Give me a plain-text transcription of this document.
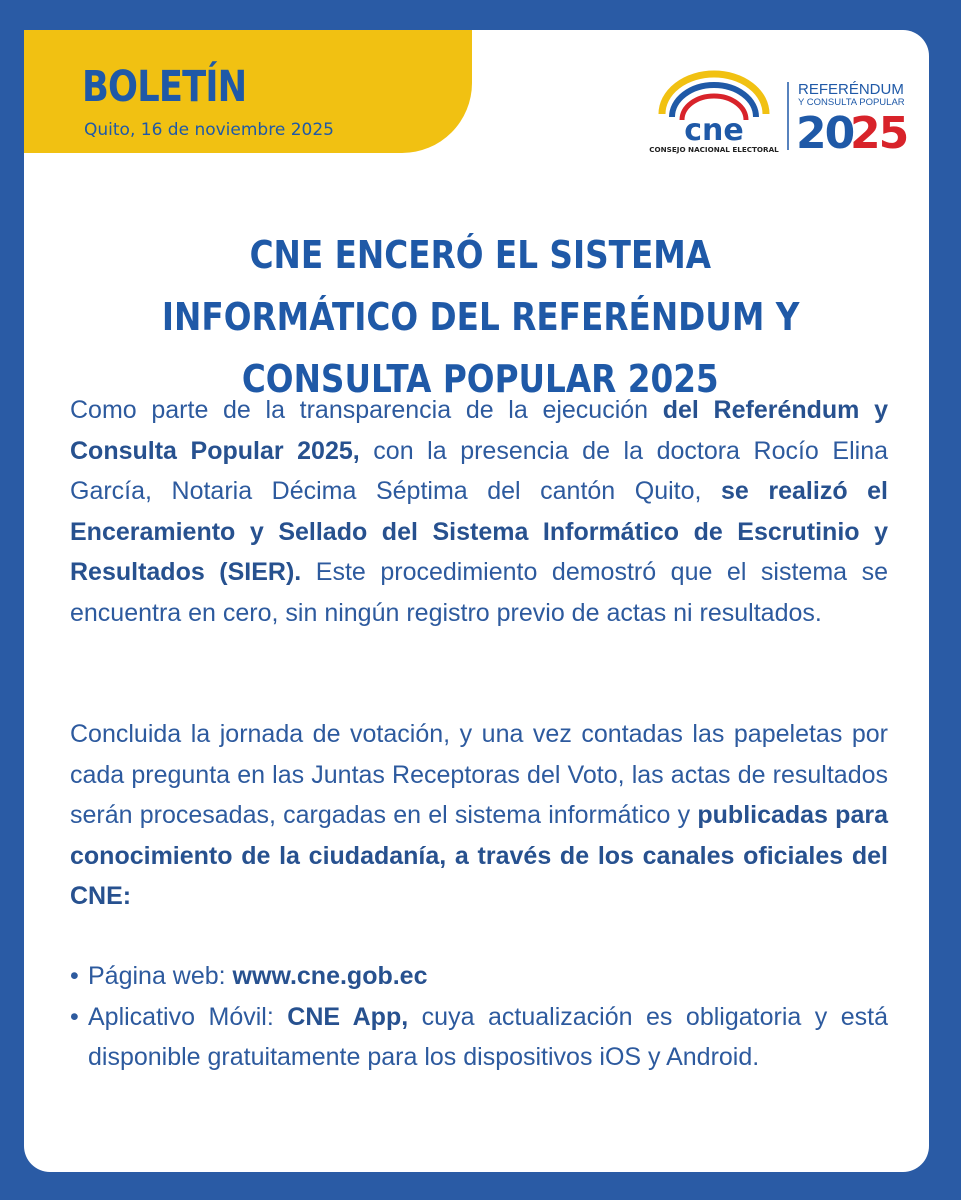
BOLETÍN
Quito, 16 de noviembre 2025	cne
CONSEJO NACIONAL ELECTORAL
REFERÉNDUM
Y CONSULTA POPULAR
20
25
CNE ENCERÓ EL SISTEMA
INFORMÁTICO DEL REFERÉNDUM Y
CONSULTA POPULAR 2025
Como parte de la transparencia de la ejecución del Referéndum y Consulta Popular 2025, con la presencia de la doctora Rocío Elina García, Notaria Décima Séptima del cantón Quito, se realizó el Enceramiento y Sellado del Sistema Informático de Escrutinio y Resultados (SIER). Este procedimiento demostró que el sistema se encuentra en cero, sin ningún registro previo de actas ni resultados.
Concluida la jornada de votación, y una vez contadas las papeletas por cada pregunta en las Juntas Receptoras del Voto, las actas de resultados serán procesadas, cargadas en el sistema informático y publicadas para conocimiento de la ciudadanía, a través de los canales oficiales del CNE:
• Página web: www.cne.gob.ec
• Aplicativo Móvil: CNE App, cuya actualización es obligatoria y está disponible gratuitamente para los dispositivos iOS y Android.
